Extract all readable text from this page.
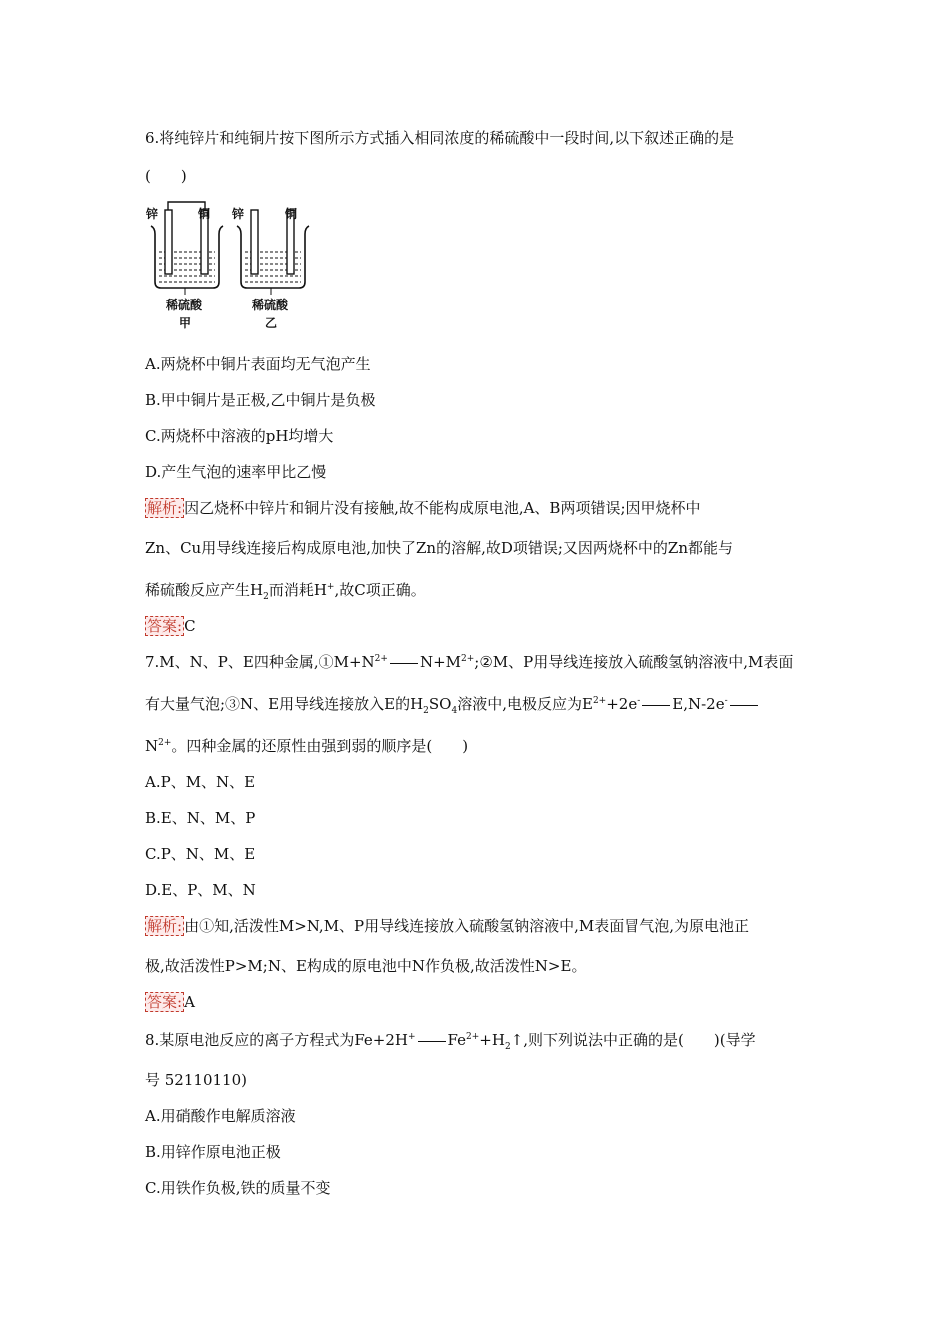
6.将纯锌片和纯铜片按下图所示方式插入相同浓度的稀硫酸中一段时间,以下叙述正确的是
(　　)
锌	铜 锌	铜
稀硫酸	稀硫酸
甲	乙
A.两烧杯中铜片表面均无气泡产生
B.甲中铜片是正极,乙中铜片是负极
C.两烧杯中溶液的pH均增大
D.产生气泡的速率甲比乙慢
解析: 因乙烧杯中锌片和铜片没有接触,故不能构成原电池,A、B两项错误;因甲烧杯中
Zn、Cu用导线连接后构成原电池,加快了Zn的溶解,故D项错误;又因两烧杯中的Zn都能与
稀硫酸反应产生$H_2$而消耗H+,故C项正确。
答案: C
7.M、N、P、E四种金属$,①M+N^{2+}$ $N+M^{2+};②M$、P用导线连接放入硫酸氢钠溶液中,M表面
有大量气泡;③N、E用导线连接放入E的$H_2SO_4$溶液中,电极反应为$E^{2+}+2e^-$ E,N-2e-
$N^{2+}$。四种金属的还原性由强到弱的顺序是(　　)
A.P、M、N、E
B.E、N、M、P
C.P、N、M、E
D.E、P、M、N
解析: 由①知,活泼性M>N,M、P用导线连接放入硫酸氢钠溶液中,M表面冒气泡,为原电池正
极,故活泼性P>M;N、E构成的原电池中N作负极,故活泼性N>E。
答案: A
8.某原电池反应的离子方程式为Fe+2H+ $Fe^{2+}+H_2↑$,则下列说法中正确的是(　　)(导学
号 52110110)
A.用硝酸作电解质溶液
B.用锌作原电池正极
C.用铁作负极,铁的质量不变
